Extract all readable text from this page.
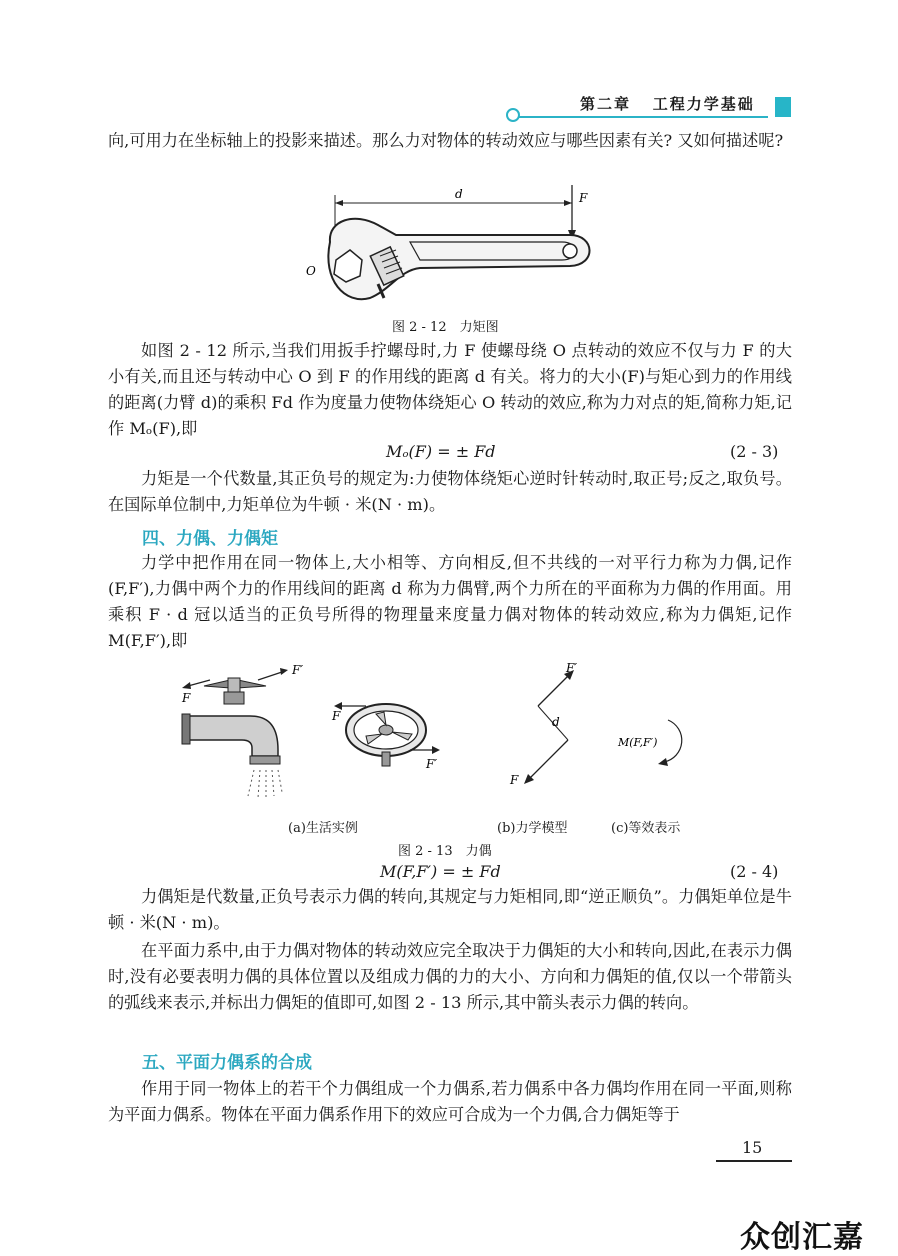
第二章 工程力学基础

向,可用力在坐标轴上的投影来描述。那么力对物体的转动效应与哪些因素有关? 又如何描述呢?

d	F
O
图 2 - 12　力矩图

如图 2 - 12 所示,当我们用扳手拧螺母时,力 F 使螺母绕 O 点转动的效应不仅与力 F 的大小有关,而且还与转动中心 O 到 F 的作用线的距离 d 有关。将力的大小(F)与矩心到力的作用线的距离(力臂 d)的乘积 Fd 作为度量力使物体绕矩心 O 转动的效应,称为力对点的矩,简称力矩,记作 Mₒ(F),即

Mₒ(F) = ± Fd	(2 - 3)

力矩是一个代数量,其正负号的规定为:力使物体绕矩心逆时针转动时,取正号;反之,取负号。在国际单位制中,力矩单位为牛顿 · 米(N · m)。

四、力偶、力偶矩

力学中把作用在同一物体上,大小相等、方向相反,但不共线的一对平行力称为力偶,记作(F,F′),力偶中两个力的作用线间的距离 d 称为力偶臂,两个力所在的平面称为力偶的作用面。用乘积 F · d 冠以适当的正负号所得的物理量来度量力偶对物体的转动效应,称为力偶矩,记作 M(F,F′),即

F
F′
F
F′
F′
d
F
M(F,F′)
(a)生活实例	(b)力学模型	(c)等效表示
图 2 - 13　力偶
M(F,F′) = ± Fd	(2 - 4)

力偶矩是代数量,正负号表示力偶的转向,其规定与力矩相同,即“逆正顺负”。力偶矩单位是牛顿 · 米(N · m)。

在平面力系中,由于力偶对物体的转动效应完全取决于力偶矩的大小和转向,因此,在表示力偶时,没有必要表明力偶的具体位置以及组成力偶的力的大小、方向和力偶矩的值,仅以一个带箭头的弧线来表示,并标出力偶矩的值即可,如图 2 - 13 所示,其中箭头表示力偶的转向。

五、平面力偶系的合成

作用于同一物体上的若干个力偶组成一个力偶系,若力偶系中各力偶均作用在同一平面,则称为平面力偶系。物体在平面力偶系作用下的效应可合成为一个力偶,合力偶矩等于

15
众创汇嘉
